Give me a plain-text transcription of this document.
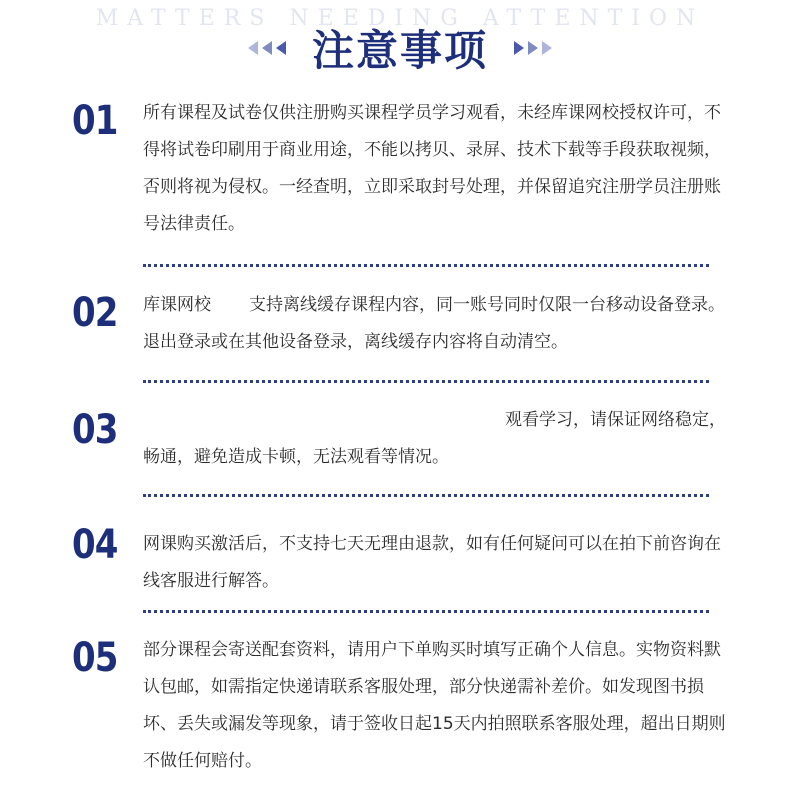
MATTERS NEEDING ATTENTION
注意事项
01	所有课程及试卷仅供注册购买课程学员学习观看，未经库课网校授权许可，不得将试卷印刷用于商业用途，不能以拷贝、录屏、技术下载等手段获取视频，否则将视为侵权。一经查明，立即采取封号处理，并保留追究注册学员注册账号法律责任。
02	库课网校 支持离线缓存课程内容，同一账号同时仅限一台移动设备登录。退出登录或在其他设备登录，离线缓存内容将自动清空。
03	观看学习，请保证网络稳定，畅通，避免造成卡顿，无法观看等情况。
04	网课购买激活后，不支持七天无理由退款，如有任何疑问可以在拍下前咨询在线客服进行解答。
05	部分课程会寄送配套资料，请用户下单购买时填写正确个人信息。实物资料默认包邮，如需指定快递请联系客服处理，部分快递需补差价。如发现图书损坏、丢失或漏发等现象，请于签收日起15天内拍照联系客服处理，超出日期则不做任何赔付。
